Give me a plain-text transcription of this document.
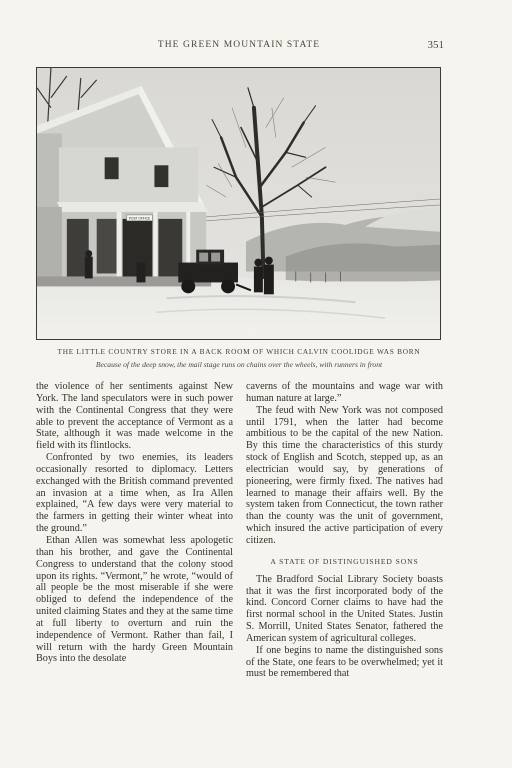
THE GREEN MOUNTAIN STATE	351
POST OFFICE
THE LITTLE COUNTRY STORE IN A BACK ROOM OF WHICH CALVIN COOLIDGE WAS BORN
Because of the deep snow, the mail stage runs on chains over the wheels, with runners in front

the violence of her sentiments against New York. The land speculators were in such power with the Continental Congress that they were able to prevent the acceptance of Vermont as a State, although it was made welcome in the field with its flintlocks.

Confronted by two enemies, its leaders occasionally resorted to diplomacy. Letters exchanged with the British command prevented an invasion at a time when, as Ira Allen explained, “A few days were very material to the farmers in getting their winter wheat into the ground.”

Ethan Allen was somewhat less apologetic than his brother, and gave the Continental Congress to understand that the colony stood upon its rights. “Vermont,” he wrote, “would of all people be the most miserable if she were obliged to defend the independence of the united claiming States and they at the same time at full liberty to overturn and ruin the independence of Vermont. Rather than fail, I will return with the hardy Green Mountain Boys into the desolate

caverns of the mountains and wage war with human nature at large.”

The feud with New York was not composed until 1791, when the latter had become ambitious to be the capital of the new Nation. By this time the characteristics of this sturdy stock of English and Scotch, stepped up, as an electrician would say, by generations of pioneering, were firmly fixed. The natives had learned to manage their affairs well. By the system taken from Connecticut, the town rather than the county was the unit of government, which insured the active participation of every citizen.

A STATE OF DISTINGUISHED SONS

The Bradford Social Library Society boasts that it was the first incorporated body of the kind. Concord Corner claims to have had the first normal school in the United States. Justin S. Morrill, United States Senator, fathered the American system of agricultural colleges.

If one begins to name the distinguished sons of the State, one fears to be overwhelmed; yet it must be remembered that
